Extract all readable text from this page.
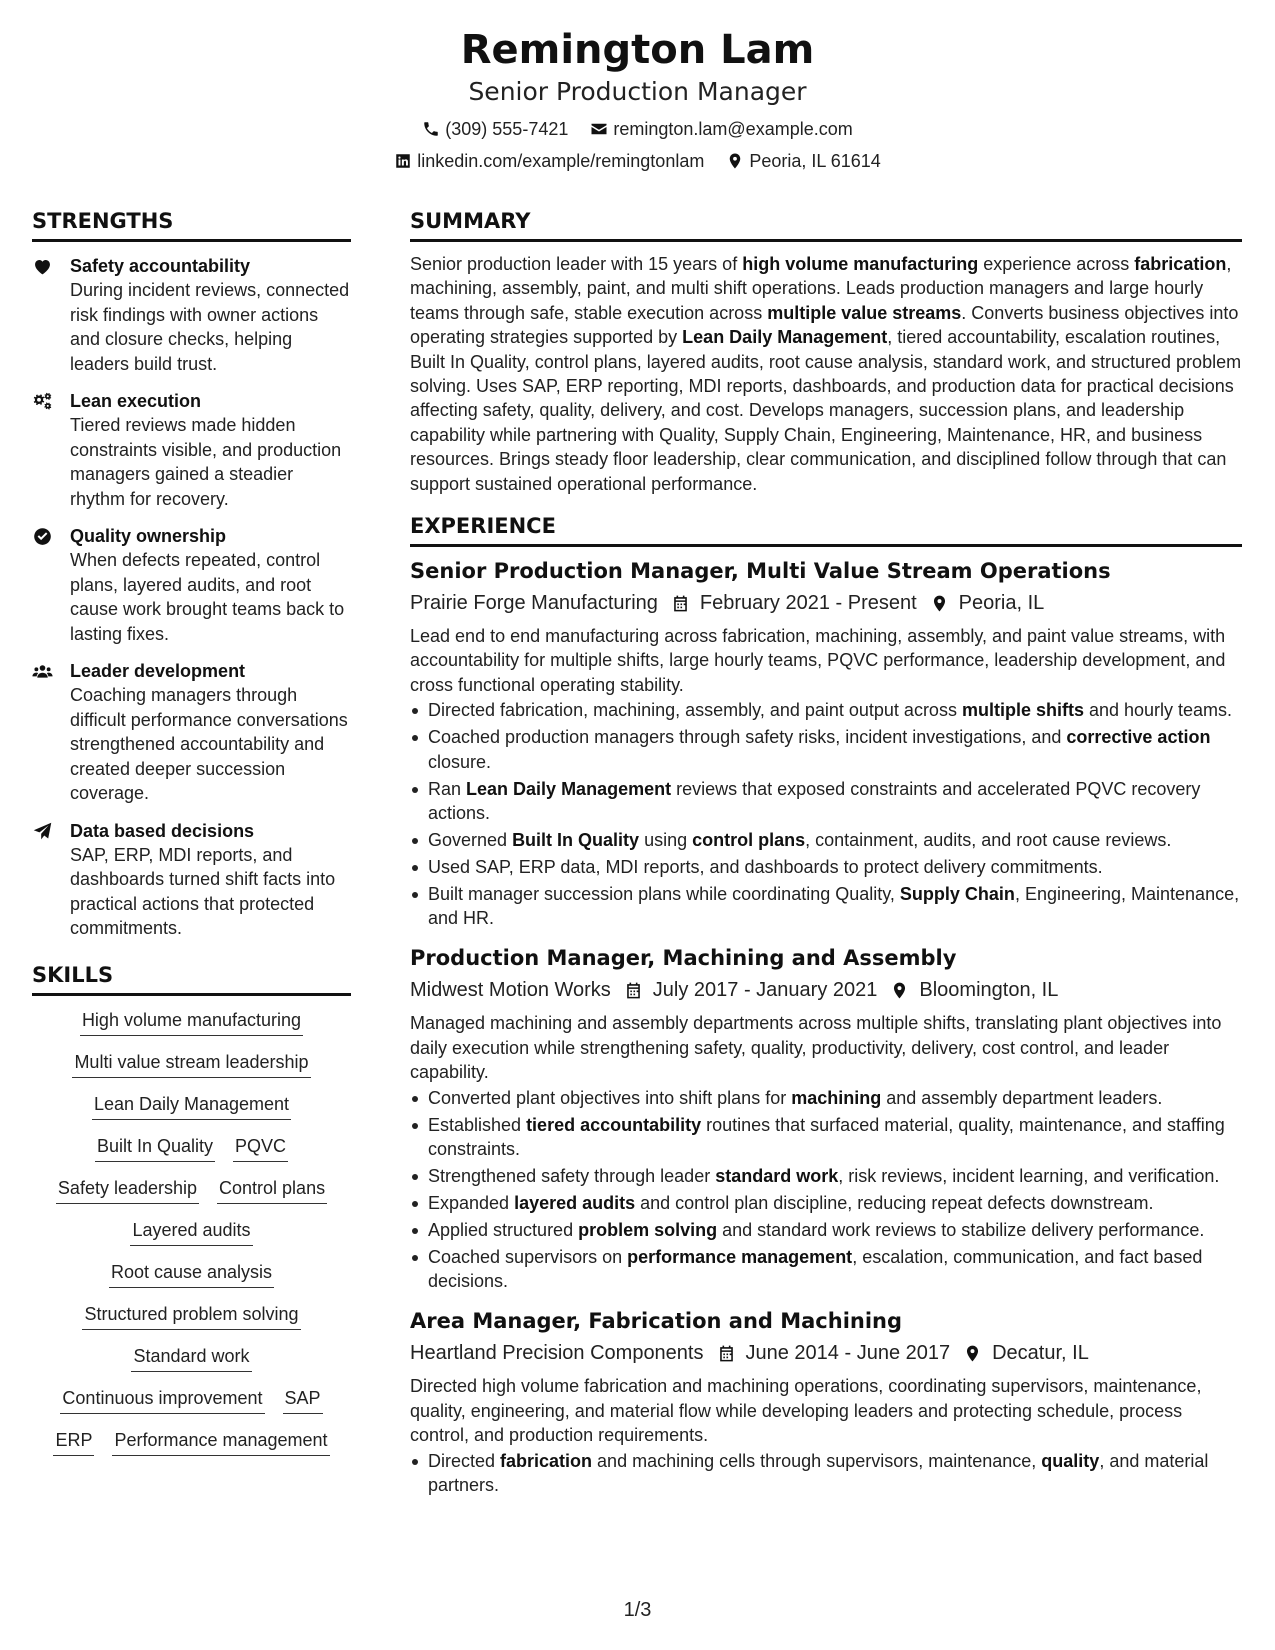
Remington Lam
Senior Production Manager
(309) 555-7421	remington.lam@example.com
linkedin.com/example/remingtonlam	Peoria, IL 61614
STRENGTHS
Safety accountability
During incident reviews, connected risk findings with owner actions and closure checks, helping leaders build trust.
Lean execution
Tiered reviews made hidden constraints visible, and production managers gained a steadier rhythm for recovery.
Quality ownership
When defects repeated, control plans, layered audits, and root cause work brought teams back to lasting fixes.
Leader development
Coaching managers through difficult performance conversations strengthened accountability and created deeper succession coverage.
Data based decisions
SAP, ERP, MDI reports, and dashboards turned shift facts into practical actions that protected commitments.
SKILLS
High volume manufacturing
Multi value stream leadership
Lean Daily Management
Built In Quality PQVC
Safety leadership Control plans
Layered audits
Root cause analysis
Structured problem solving
Standard work
Continuous improvement SAP
ERP Performance management
SUMMARY

Senior production leader with 15 years of high volume manufacturing experience across fabrication, machining, assembly, paint, and multi shift operations. Leads production managers and large hourly teams through safe, stable execution across multiple value streams. Converts business objectives into operating strategies supported by Lean Daily Management, tiered accountability, escalation routines, Built In Quality, control plans, layered audits, root cause analysis, standard work, and structured problem solving. Uses SAP, ERP reporting, MDI reports, dashboards, and production data for practical decisions affecting safety, quality, delivery, and cost. Develops managers, succession plans, and leadership capability while partnering with Quality, Supply Chain, Engineering, Maintenance, HR, and business resources. Brings steady floor leadership, clear communication, and disciplined follow through that can support sustained operational performance.

EXPERIENCE
Senior Production Manager, Multi Value Stream Operations
Prairie Forge Manufacturing February 2021 - Present Peoria, IL
Lead end to end manufacturing across fabrication, machining, assembly, and paint value streams, with accountability for multiple shifts, large hourly teams, PQVC performance, leadership development, and cross functional operating stability.
Directed fabrication, machining, assembly, and paint output across multiple shifts and hourly teams.
Coached production managers through safety risks, incident investigations, and corrective action closure.
Ran Lean Daily Management reviews that exposed constraints and accelerated PQVC recovery actions.
Governed Built In Quality using control plans, containment, audits, and root cause reviews.
Used SAP, ERP data, MDI reports, and dashboards to protect delivery commitments.
Built manager succession plans while coordinating Quality, Supply Chain, Engineering, Maintenance, and HR.
Production Manager, Machining and Assembly
Midwest Motion Works July 2017 - January 2021 Bloomington, IL
Managed machining and assembly departments across multiple shifts, translating plant objectives into daily execution while strengthening safety, quality, productivity, delivery, cost control, and leader capability.
Converted plant objectives into shift plans for machining and assembly department leaders.
Established tiered accountability routines that surfaced material, quality, maintenance, and staffing constraints.
Strengthened safety through leader standard work, risk reviews, incident learning, and verification.
Expanded layered audits and control plan discipline, reducing repeat defects downstream.
Applied structured problem solving and standard work reviews to stabilize delivery performance.
Coached supervisors on performance management, escalation, communication, and fact based decisions.
Area Manager, Fabrication and Machining
Heartland Precision Components June 2014 - June 2017 Decatur, IL
Directed high volume fabrication and machining operations, coordinating supervisors, maintenance, quality, engineering, and material flow while developing leaders and protecting schedule, process control, and production requirements.
Directed fabrication and machining cells through supervisors, maintenance, quality, and material partners.
1/3
